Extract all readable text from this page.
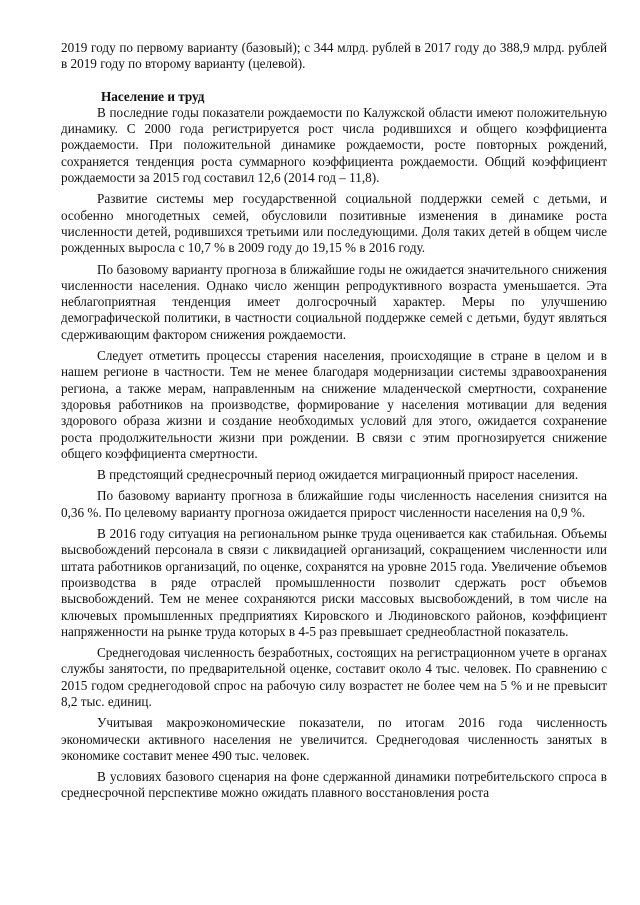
2019 году по первому варианту (базовый); с 344 млрд. рублей в 2017 году до 388,9 млрд. рублей в 2019 году по второму варианту (целевой).

Население и труд

В последние годы показатели рождаемости по Калужской области имеют положительную динамику. С 2000 года регистрируется рост числа родившихся и общего коэффициента рождаемости. При положительной динамике рождаемости, росте повторных рождений, сохраняется тенденция роста суммарного коэффициента рождаемости. Общий коэффициент рождаемости за 2015 год составил 12,6 (2014 год – 11,8).

Развитие системы мер государственной социальной поддержки семей с детьми, и особенно многодетных семей, обусловили позитивные изменения в динамике роста численности детей, родившихся третьими или последующими. Доля таких детей в общем числе рожденных выросла с 10,7 % в 2009 году до 19,15 % в 2016 году.

По базовому варианту прогноза в ближайшие годы не ожидается значительного снижения численности населения. Однако число женщин репродуктивного возраста уменьшается. Эта неблагоприятная тенденция имеет долгосрочный характер. Меры по улучшению демографической политики, в частности социальной поддержке семей с детьми, будут являться сдерживающим фактором снижения рождаемости.

Следует отметить процессы старения населения, происходящие в стране в целом и в нашем регионе в частности. Тем не менее благодаря модернизации системы здравоохранения региона, а также мерам, направленным на снижение младенческой смертности, сохранение здоровья работников на производстве, формирование у населения мотивации для ведения здорового образа жизни и создание необходимых условий для этого, ожидается сохранение роста продолжительности жизни при рождении. В связи с этим прогнозируется снижение общего коэффициента смертности.

В предстоящий среднесрочный период ожидается миграционный прирост населения.

По базовому варианту прогноза в ближайшие годы численность населения снизится на 0,36 %. По целевому варианту прогноза ожидается прирост численности населения на 0,9 %.

В 2016 году ситуация на региональном рынке труда оценивается как стабильная. Объемы высвобождений персонала в связи с ликвидацией организаций, сокращением численности или штата работников организаций, по оценке, сохранятся на уровне 2015 года. Увеличение объемов производства в ряде отраслей промышленности позволит сдержать рост объемов высвобождений. Тем не менее сохраняются риски массовых высвобождений, в том числе на ключевых промышленных предприятиях Кировского и Людиновского районов, коэффициент напряженности на рынке труда которых в 4-5 раз превышает среднеобластной показатель.

Среднегодовая численность безработных, состоящих на регистрационном учете в органах службы занятости, по предварительной оценке, составит около 4 тыс. человек. По сравнению с 2015 годом среднегодовой спрос на рабочую силу возрастет не более чем на 5 % и не превысит 8,2 тыс. единиц.

Учитывая макроэкономические показатели, по итогам 2016 года численность экономически активного населения не увеличится. Среднегодовая численность занятых в экономике составит менее 490 тыс. человек.

В условиях базового сценария на фоне сдержанной динамики потребительского спроса в среднесрочной перспективе можно ожидать плавного восстановления роста
